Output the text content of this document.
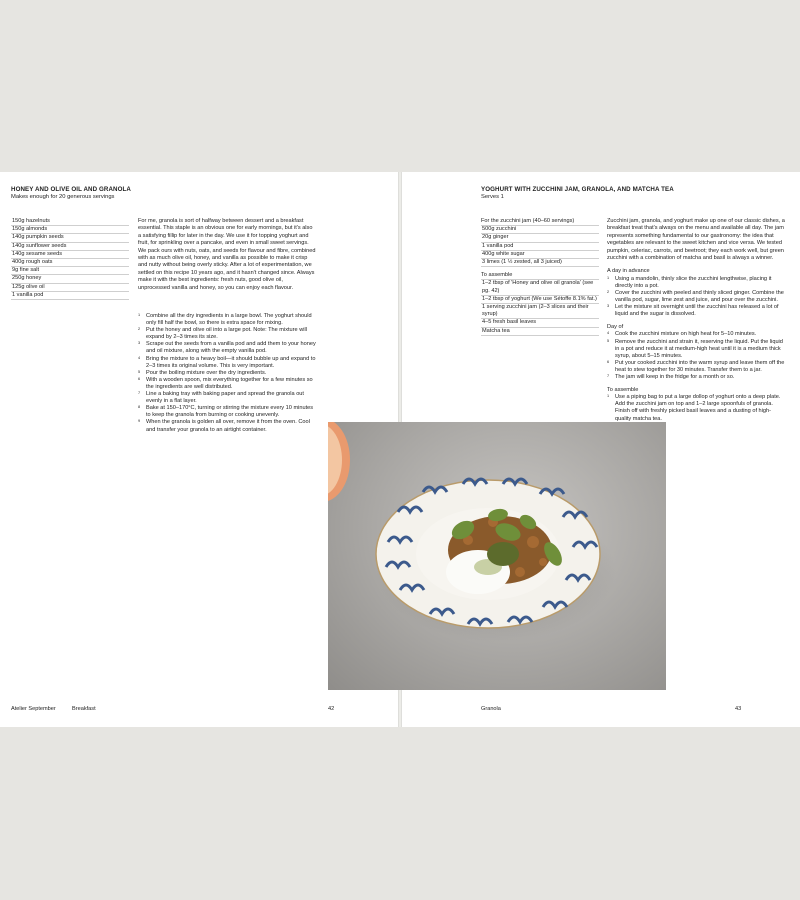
HONEY AND OLIVE OIL AND GRANOLA
Makes enough for 20 generous servings
150g hazelnuts
150g almonds
140g pumpkin seeds
140g sunflower seeds
140g sesame seeds
400g rough oats
9g fine salt
250g honey
125g olive oil
1 vanilla pod

For me, granola is sort of halfway between dessert and a breakfast essential. This staple is an obvious one for early mornings, but it's also a satisfying fillip for later in the day. We use it for topping yoghurt and fruit, for sprinkling over a pancake, and even in small sweet servings. We pack ours with nuts, oats, and seeds for flavour and fibre, combined with as much olive oil, honey, and vanilla as possible to make it crisp and nutty without being overly sticky. After a lot of experimentation, we settled on this recipe 10 years ago, and it hasn't changed since. Always make it with the best ingredients: fresh nuts, good olive oil, unprocessed vanilla and honey, so you can enjoy each flavour.

1 Combine all the dry ingredients in a large bowl. The yoghurt should only fill half the bowl, so there is extra space for mixing.
2 Put the honey and olive oil into a large pot. Note: The mixture will expand by 2–3 times its size.
3 Scrape out the seeds from a vanilla pod and add them to your honey and oil mixture, along with the empty vanilla pod.
4 Bring the mixture to a heavy boil—it should bubble up and expand to 2–3 times its original volume. This is very important.
5 Pour the boiling mixture over the dry ingredients.
6 With a wooden spoon, mix everything together for a few minutes so the ingredients are well distributed.
7 Line a baking tray with baking paper and spread the granola out evenly in a flat layer.
8 Bake at 150–170°C, turning or stirring the mixture every 10 minutes to keep the granola from burning or cooking unevenly.
9 When the granola is golden all over, remove it from the oven. Cool and transfer your granola to an airtight container.
Atelier September	Breakfast	42
YOGHURT WITH ZUCCHINI JAM, GRANOLA, AND MATCHA TEA
Serves 1
For the zucchini jam (40–60 servings)
500g zucchini
20g ginger
1 vanilla pod
400g white sugar
3 limes (1 ½ zested, all 3 juiced)
To assemble
1–2 tbsp of 'Honey and olive oil granola' (see pg. 42)
1–2 tbsp of yoghurt (We use Sétoffe 8.1% fat.)
1 serving zucchini jam (2–3 slices and their syrup)
4–5 fresh basil leaves
Matcha tea

Zucchini jam, granola, and yoghurt make up one of our classic dishes, a breakfast treat that's always on the menu and available all day. The jam represents something fundamental to our gastronomy: the idea that vegetables are relevant to the sweet kitchen and vice versa. We tested pumpkin, celeriac, carrots, and beetroot; they each work well, but green zucchini with a combination of matcha and basil is always a winner.

A day in advance
1 Using a mandolin, thinly slice the zucchini lengthwise, placing it directly into a pot.
2 Cover the zucchini with peeled and thinly sliced ginger. Combine the vanilla pod, sugar, lime zest and juice, and pour over the zucchini.
3 Let the mixture sit overnight until the zucchini has released a lot of liquid and the sugar is dissolved.
Day of
4 Cook the zucchini mixture on high heat for 5–10 minutes.
5 Remove the zucchini and strain it, reserving the liquid. Put the liquid in a pot and reduce it at medium-high heat until it is a medium thick syrup, about 5–15 minutes.
6 Put your cooked zucchini into the warm syrup and leave them off the heat to stew together for 30 minutes. Transfer them to a jar.
7 The jam will keep in the fridge for a month or so.
To assemble
1 Use a piping bag to put a large dollop of yoghurt onto a deep plate. Add the zucchini jam on top and 1–2 large spoonfuls of granola. Finish off with freshly picked basil leaves and a dusting of high-quality matcha tea.
Granola	43
